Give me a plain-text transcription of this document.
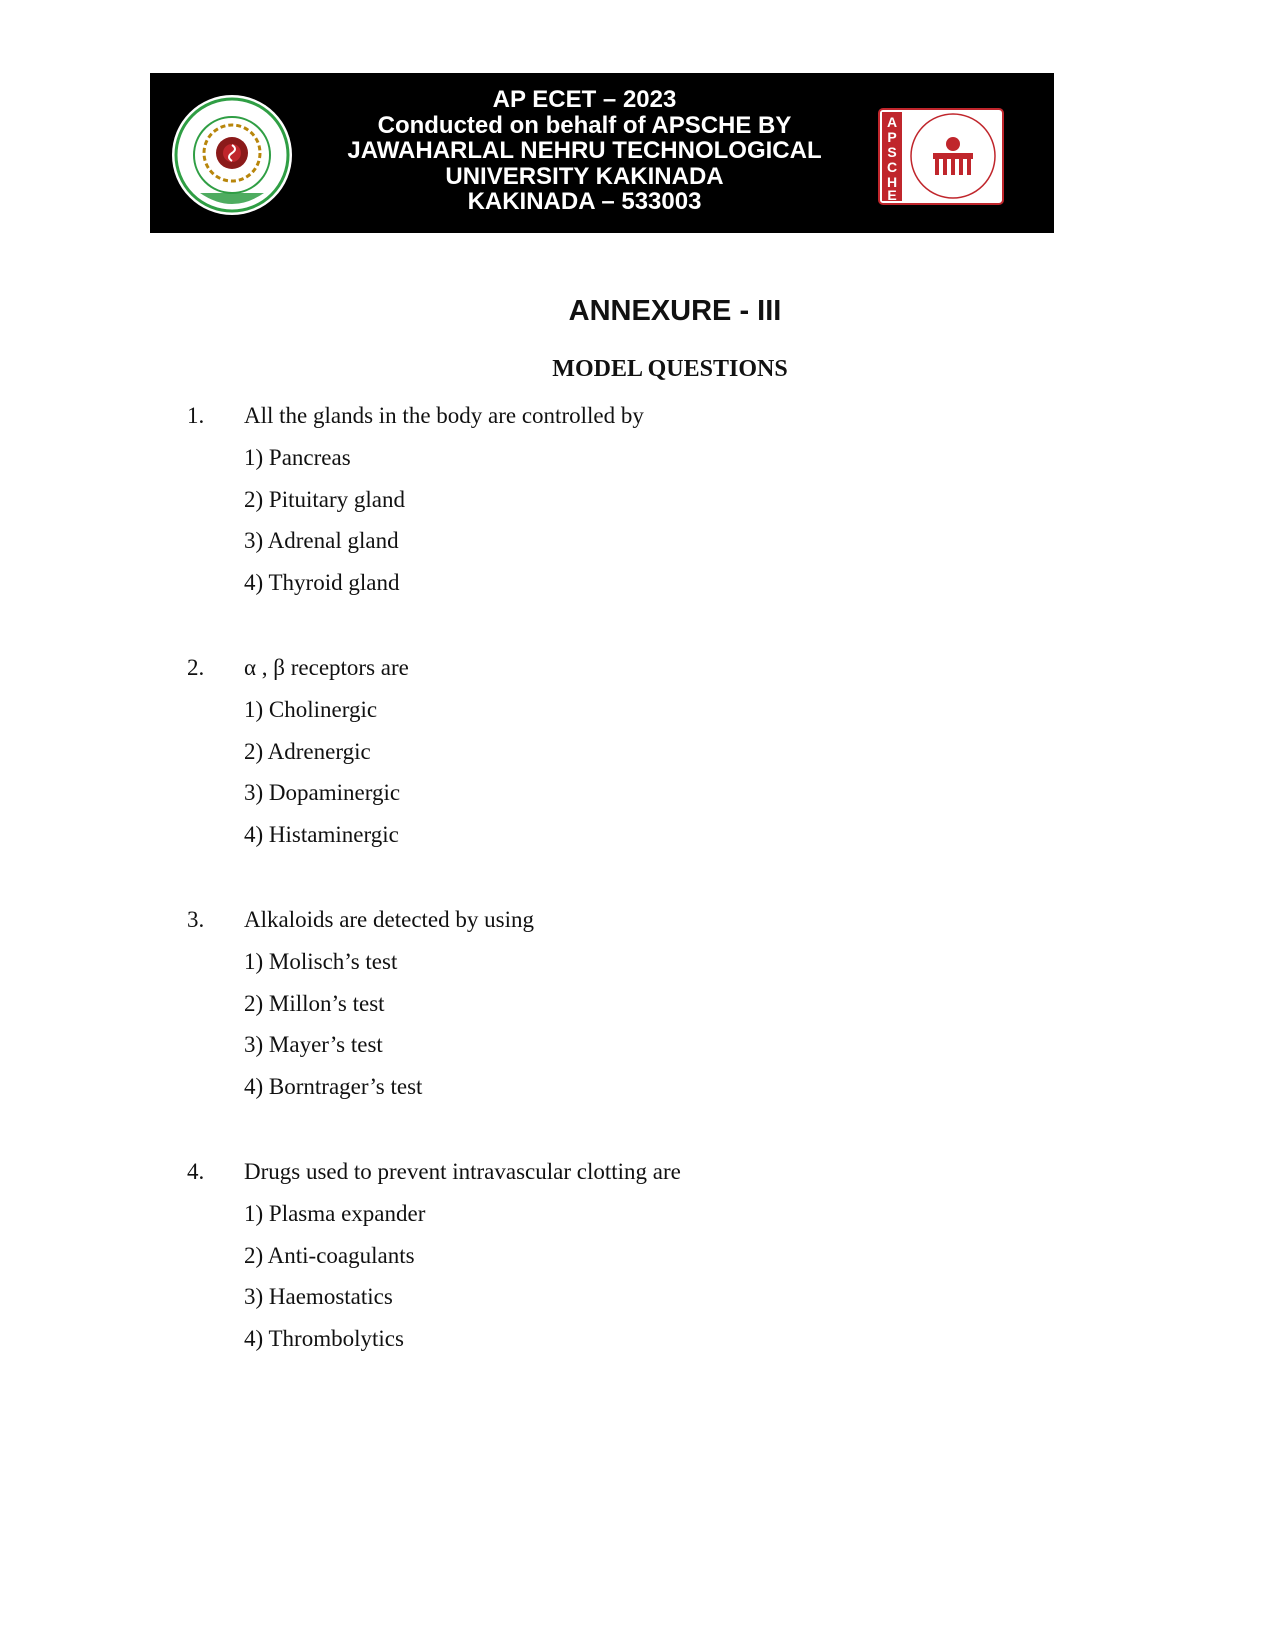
AP ECET – 2023
Conducted on behalf of APSCHE BY
JAWAHARLAL NEHRU TECHNOLOGICAL
UNIVERSITY KAKINADA
KAKINADA – 533003
A
P
S
C
H
E
ANNEXURE - III
MODEL QUESTIONS
1. All the glands in the body are controlled by
1) Pancreas
2) Pituitary gland
3) Adrenal gland
4) Thyroid gland
2. α , β receptors are
1) Cholinergic
2) Adrenergic
3) Dopaminergic
4) Histaminergic
3. Alkaloids are detected by using
1) Molisch’s test
2) Millon’s test
3) Mayer’s test
4) Borntrager’s test
4. Drugs used to prevent intravascular clotting are
1) Plasma expander
2) Anti-coagulants
3) Haemostatics
4) Thrombolytics
